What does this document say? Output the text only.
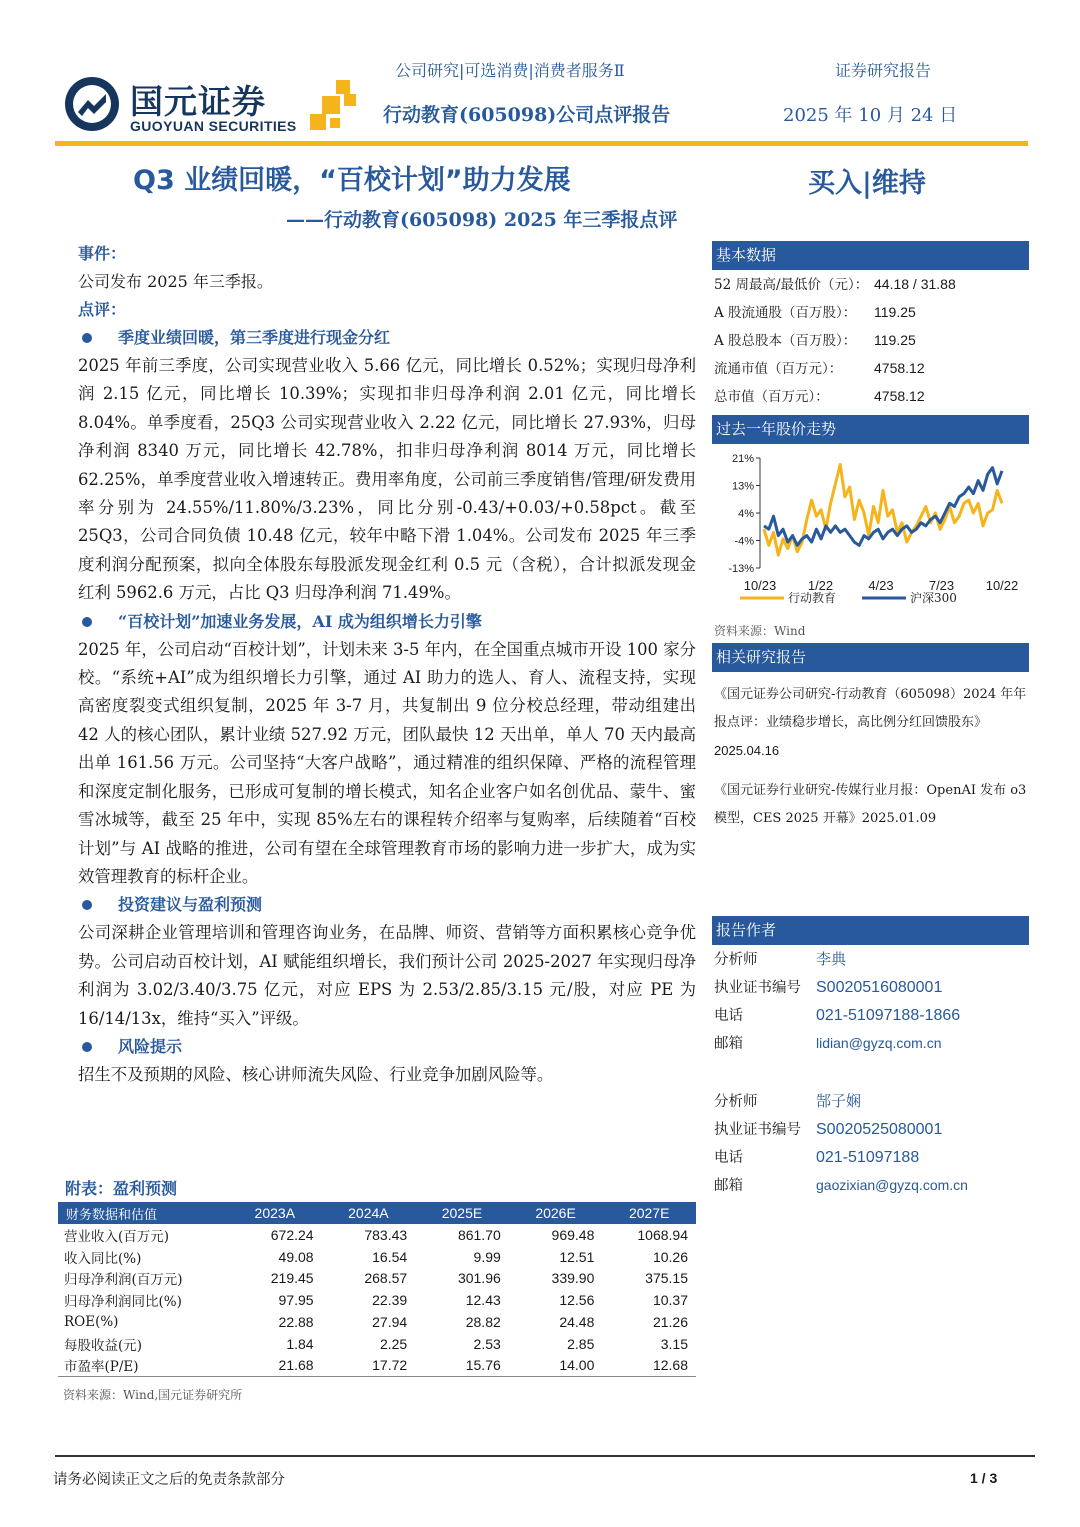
国元证券
GUOYUAN SECURITIES
公司研究|可选消费|消费者服务Ⅱ	证券研究报告
行动教育(605098)公司点评报告	2025 年 10 月 24 日
Q3 业绩回暖，“百校计划”助力发展
——行动教育(605098) 2025 年三季报点评
买入|维持
事件：
公司发布 2025 年三季报。
点评：
季度业绩回暖，第三季度进行现金分红
2025 年前三季度，公司实现营业收入 5.66 亿元，同比增长 0.52%；实现归母净利润 2.15 亿元，同比增长 10.39%；实现扣非归母净利润 2.01 亿元，同比增长 8.04%。单季度看，25Q3 公司实现营业收入 2.22 亿元，同比增长 27.93%，归母净利润 8340 万元，同比增长 42.78%，扣非归母净利润 8014 万元，同比增长 62.25%，单季度营业收入增速转正。费用率角度，公司前三季度销售/管理/研发费用率分别为 24.55%/11.80%/3.23%，同比分别-0.43/+0.03/+0.58pct。截至 25Q3，公司合同负债 10.48 亿元，较年中略下滑 1.04%。公司发布 2025 年三季度利润分配预案，拟向全体股东每股派发现金红利 0.5 元（含税），合计拟派发现金红利 5962.6 万元，占比 Q3 归母净利润 71.49%。
“百校计划”加速业务发展，AI 成为组织增长力引擎
2025 年，公司启动“百校计划”，计划未来 3-5 年内，在全国重点城市开设 100 家分校。“系统+AI”成为组织增长力引擎，通过 AI 助力的选人、育人、流程支持，实现高密度裂变式组织复制，2025 年 3-7 月，共复制出 9 位分校总经理，带动组建出 42 人的核心团队，累计业绩 527.92 万元，团队最快 12 天出单，单人 70 天内最高出单 161.56 万元。公司坚持“大客户战略”，通过精准的组织保障、严格的流程管理和深度定制化服务，已形成可复制的增长模式，知名企业客户如名创优品、蒙牛、蜜雪冰城等，截至 25 年中，实现 85%左右的课程转介绍率与复购率，后续随着“百校计划”与 AI 战略的推进，公司有望在全球管理教育市场的影响力进一步扩大，成为实效管理教育的标杆企业。
投资建议与盈利预测
公司深耕企业管理培训和管理咨询业务，在品牌、师资、营销等方面积累核心竞争优势。公司启动百校计划，AI 赋能组织增长，我们预计公司 2025-2027 年实现归母净利润为 3.02/3.40/3.75 亿元，对应 EPS 为 2.53/2.85/3.15 元/股，对应 PE 为 16/14/13x，维持“买入”评级。
风险提示
招生不及预期的风险、核心讲师流失风险、行业竞争加剧风险等。
基本数据
52 周最高/最低价（元）： 44.18 / 31.88
A 股流通股（百万股）： 119.25
A 股总股本（百万股）： 119.25
流通市值（百万元）： 4758.12
总市值（百万元）：	4758.12
过去一年股价走势
21%
13%
4%
-4%
-13%
10/23 1/22	4/23	7/23 10/22
行动教育	沪深300
资料来源：Wind
相关研究报告
《国元证券公司研究-行动教育（605098）2024 年年
报点评：业绩稳步增长，高比例分红回馈股东》
2025.04.16
《国元证券行业研究-传媒行业月报：OpenAI 发布 o3
模型，CES 2025 开幕》2025.01.09
报告作者
分析师	李典
执业证书编号 S0020516080001
电话	021-51097188-1866
邮箱	lidian@gyzq.com.cn
分析师	郜子娴
执业证书编号 S0020525080001
电话	021-51097188
邮箱	gaozixian@gyzq.com.cn
附表：盈利预测
财务数据和估值	2023A	2024A	2025E	2026E	2027E
营业收入(百万元)	672.24	783.43	861.70	969.48	1068.94
收入同比(%)	49.08	16.54	9.99	12.51	10.26
归母净利润(百万元)	219.45	268.57	301.96	339.90	375.15
归母净利润同比(%)	97.95	22.39	12.43	12.56	10.37
ROE(%)	22.88	27.94	28.82	24.48	21.26
每股收益(元)	1.84	2.25	2.53	2.85	3.15
市盈率(P/E)	21.68	17.72	15.76	14.00	12.68
资料来源：Wind,国元证券研究所
请务必阅读正文之后的免责条款部分	1 / 3
